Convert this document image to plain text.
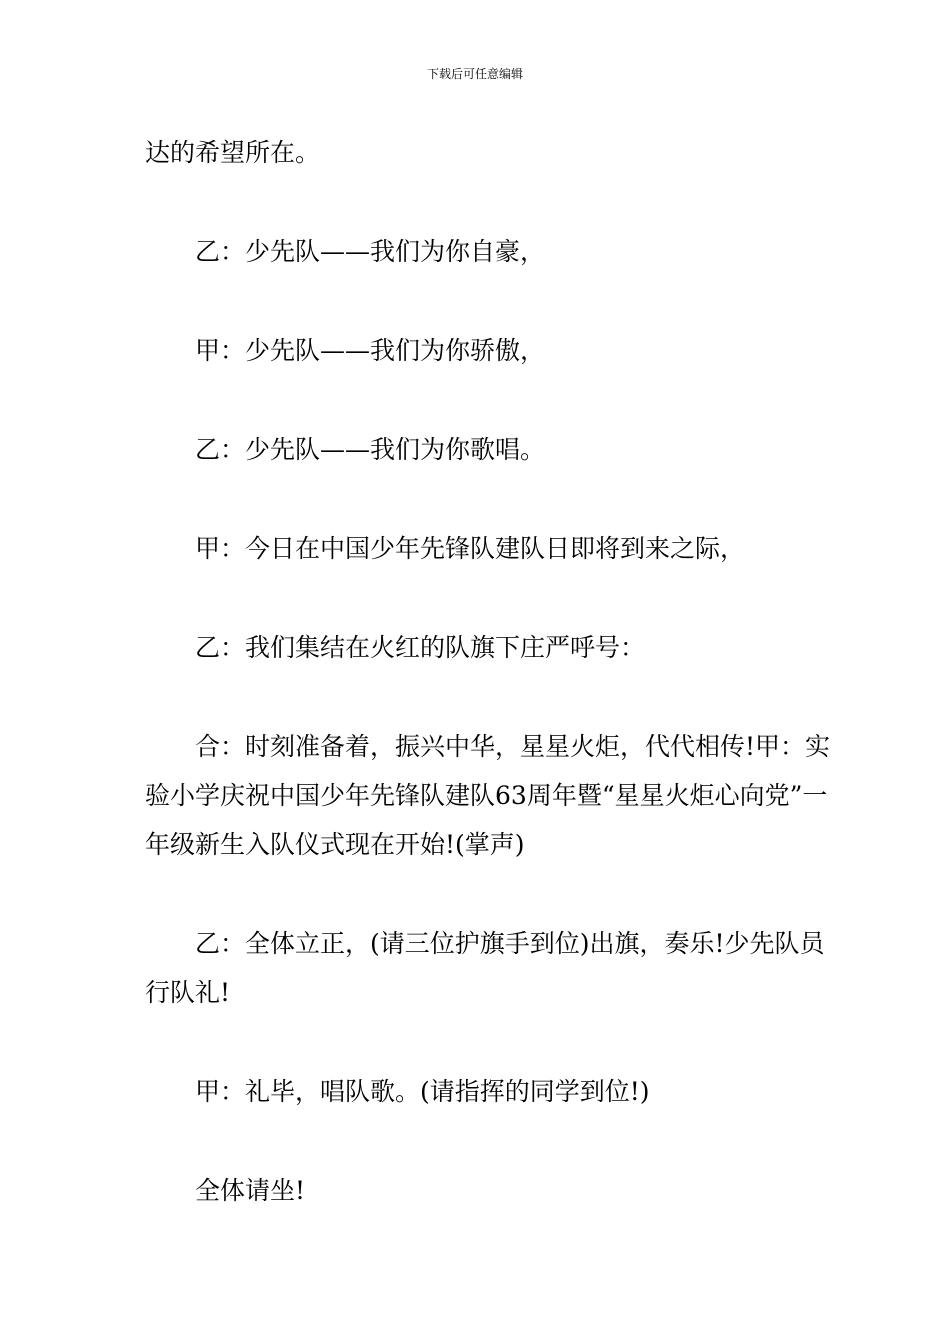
下载后可任意编辑

达的希望所在。

乙：少先队——我们为你自豪，

甲：少先队——我们为你骄傲，

乙：少先队——我们为你歌唱。

甲：今日在中国少年先锋队建队日即将到来之际，

乙：我们集结在火红的队旗下庄严呼号：

合：时刻准备着，振兴中华，星星火炬，代代相传!甲：实验小学庆祝中国少年先锋队建队63周年暨“星星火炬心向党”一年级新生入队仪式现在开始!(掌声)

乙：全体立正，(请三位护旗手到位)出旗，奏乐!少先队员行队礼!

甲：礼毕，唱队歌。(请指挥的同学到位!)

全体请坐!
